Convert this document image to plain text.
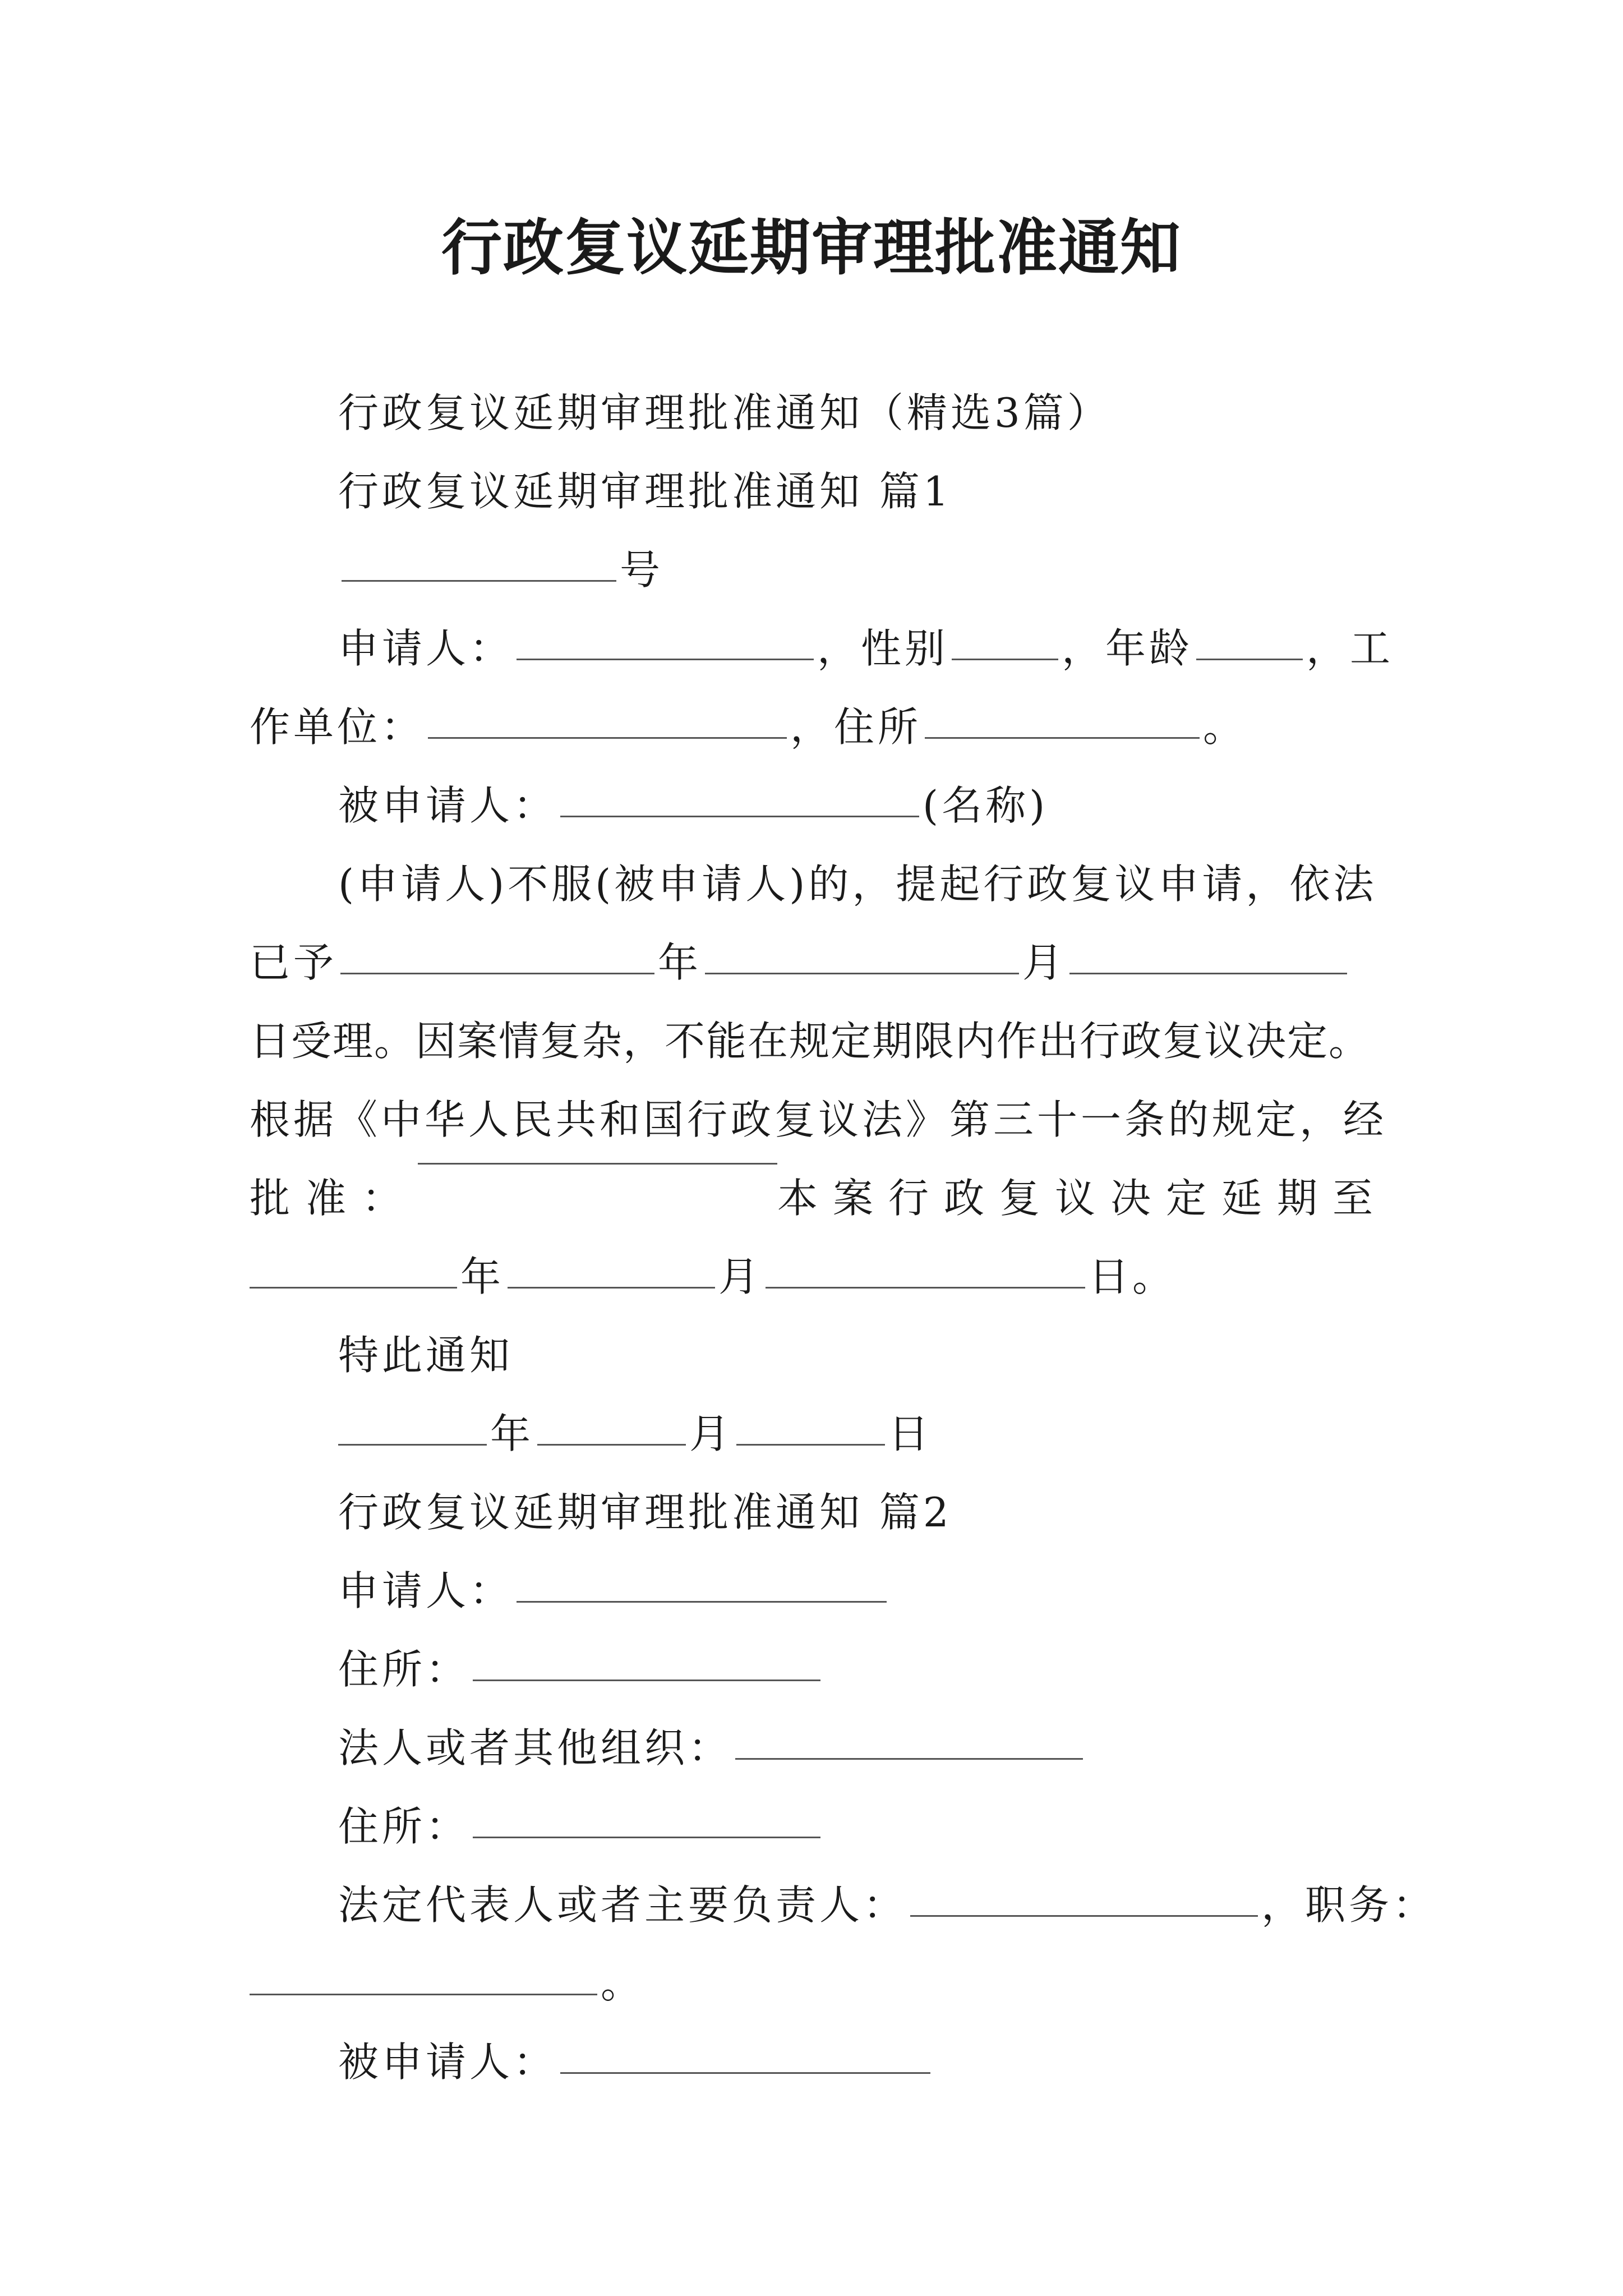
行政复议延期审理批准通知
行政复议延期审理批准通知（精选3篇）
行政复议延期审理批准通知 篇1
号
申请人：	，性别	，年龄	，工
作单位：	，住所	。
被申请人：	(名称)
(申请人)不服(被申请人)的，提起行政复议申请，依法
已予	年	月
日受理。因案情复杂，不能在规定期限内作出行政复议决定。
根据《中华人民共和国行政复议法》第三十一条的规定，经
批准：	本案行政复议决定延期至
年	月	日。
特此通知
年	月	日
行政复议延期审理批准通知 篇2
申请人：
住所：
法人或者其他组织：
住所：
法定代表人或者主要负责人：	，职务：
。
被申请人：
